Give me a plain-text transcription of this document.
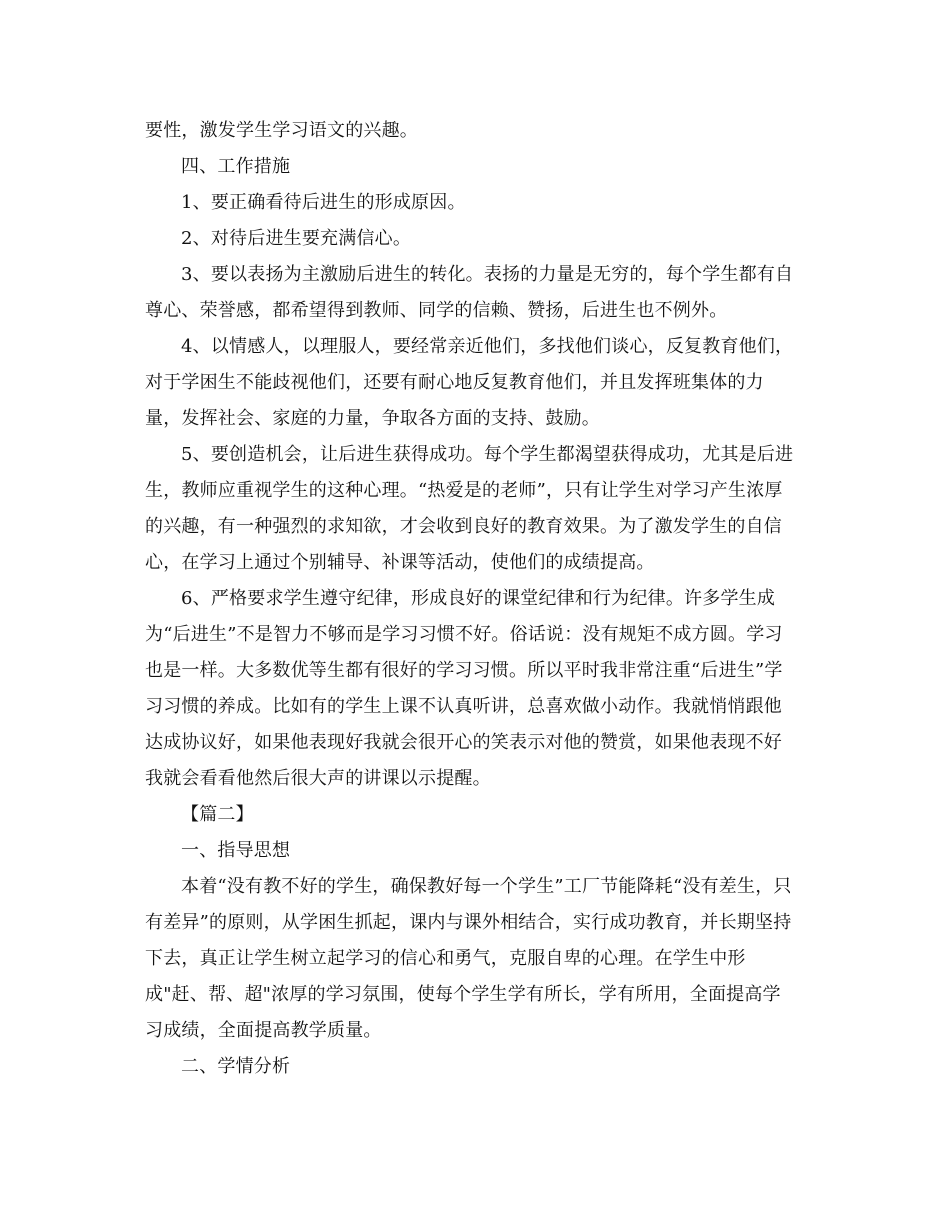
要性，激发学生学习语文的兴趣。
四、工作措施
1、要正确看待后进生的形成原因。
2、对待后进生要充满信心。
3、要以表扬为主激励后进生的转化。表扬的力量是无穷的，每个学生都有自
尊心、荣誉感，都希望得到教师、同学的信赖、赞扬，后进生也不例外。
4、以情感人，以理服人，要经常亲近他们，多找他们谈心，反复教育他们，
对于学困生不能歧视他们，还要有耐心地反复教育他们，并且发挥班集体的力
量，发挥社会、家庭的力量，争取各方面的支持、鼓励。
5、要创造机会，让后进生获得成功。每个学生都渴望获得成功，尤其是后进
生，教师应重视学生的这种心理。“热爱是的老师”，只有让学生对学习产生浓厚
的兴趣，有一种强烈的求知欲，才会收到良好的教育效果。为了激发学生的自信
心，在学习上通过个别辅导、补课等活动，使他们的成绩提高。
6、严格要求学生遵守纪律，形成良好的课堂纪律和行为纪律。许多学生成
为“后进生”不是智力不够而是学习习惯不好。俗话说：没有规矩不成方圆。学习
也是一样。大多数优等生都有很好的学习习惯。所以平时我非常注重“后进生”学
习习惯的养成。比如有的学生上课不认真听讲，总喜欢做小动作。我就悄悄跟他
达成协议好，如果他表现好我就会很开心的笑表示对他的赞赏，如果他表现不好
我就会看看他然后很大声的讲课以示提醒。
【篇二】
一、指导思想
本着“没有教不好的学生，确保教好每一个学生”工厂节能降耗“没有差生，只
有差异”的原则，从学困生抓起，课内与课外相结合，实行成功教育，并长期坚持
下去，真正让学生树立起学习的信心和勇气，克服自卑的心理。在学生中形
成"赶、帮、超"浓厚的学习氛围，使每个学生学有所长，学有所用，全面提高学
习成绩，全面提高教学质量。
二、学情分析
